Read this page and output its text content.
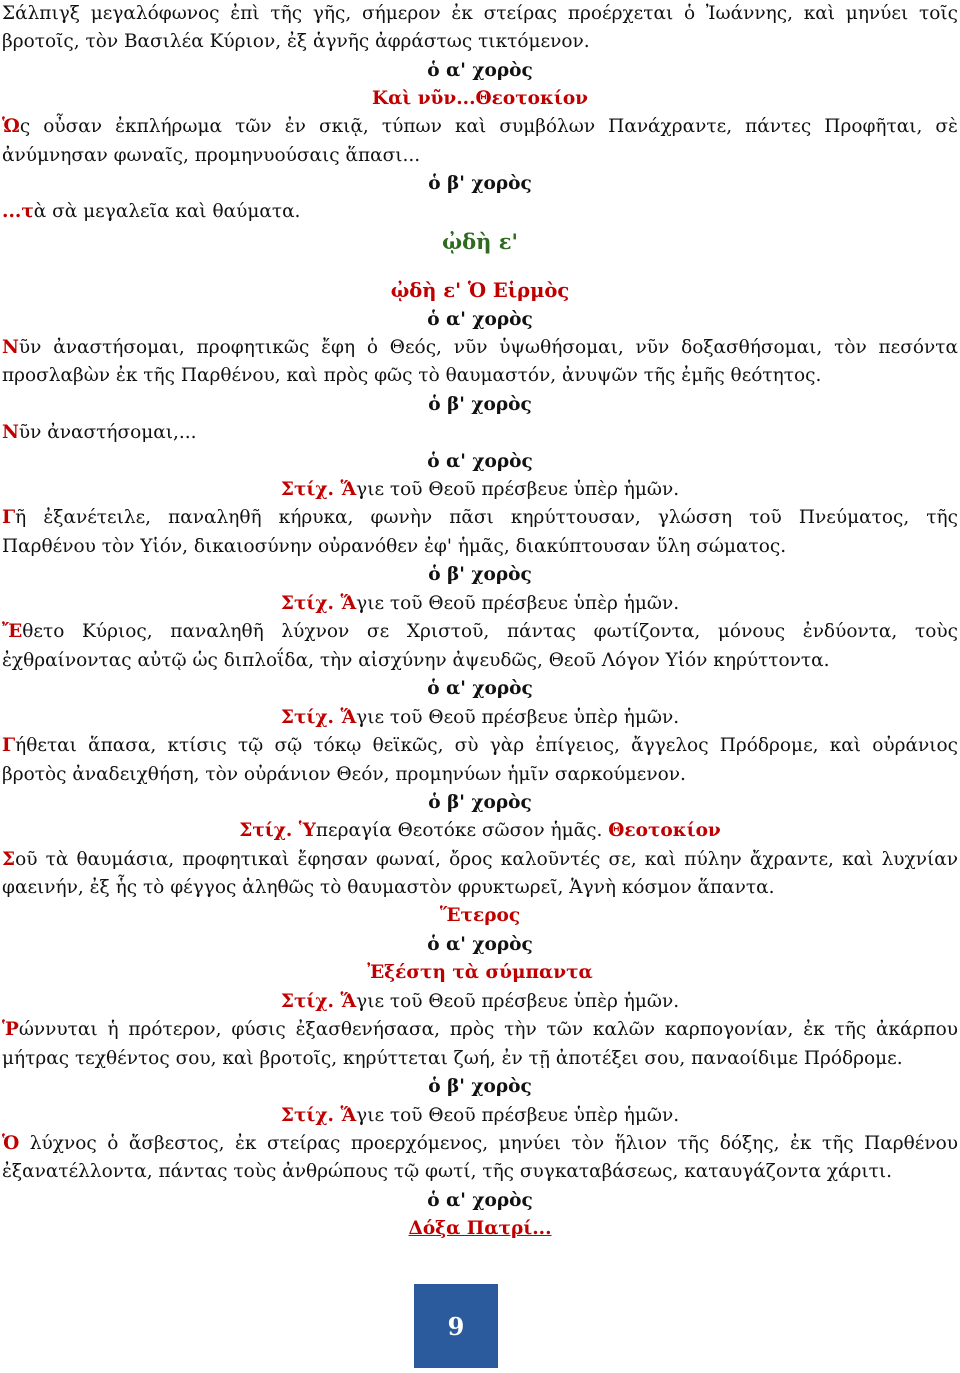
Σάλπιγξ μεγαλόφωνος ἐπὶ τῆς γῆς, σήμερον ἐκ στείρας προέρχεται ὁ Ἰωάννης, καὶ μηνύει τοῖς
βροτοῖς, τὸν Βασιλέα Κύριον, ἐξ ἁγνῆς ἀφράστως τικτόμενον.
ὁ α' χορὸς
Καὶ νῦν...Θεοτοκίον
Ὡς οὖσαν ἐκπλήρωμα τῶν ἐν σκιᾷ, τύπων καὶ συμβόλων Πανάχραντε, πάντες Προφῆται, σὲ
ἀνύμνησαν φωναῖς, προμηνυούσαις ἅπασι...
ὁ β' χορὸς
...τὰ σὰ μεγαλεῖα καὶ θαύματα.
ᾠδὴ ε'
ᾠδὴ ε' Ὁ Εἱρμὸς
ὁ α' χορὸς
Νῦν ἀναστήσομαι, προφητικῶς ἔφη ὁ Θεός, νῦν ὑψωθήσομαι, νῦν δοξασθήσομαι, τὸν πεσόντα
προσλαβὼν ἐκ τῆς Παρθένου, καὶ πρὸς φῶς τὸ θαυμαστόν, ἀνυψῶν τῆς ἐμῆς θεότητος.
ὁ β' χορὸς
Νῦν ἀναστήσομαι,...
ὁ α' χορὸς
Στίχ. Ἅγιε τοῦ Θεοῦ πρέσβευε ὑπὲρ ἡμῶν.
Γῆ ἐξανέτειλε, παναληθῆ κήρυκα, φωνὴν πᾶσι κηρύττουσαν, γλώσση τοῦ Πνεύματος, τῆς
Παρθένου τὸν Υἱόν, δικαιοσύνην οὐρανόθεν ἐφ' ἡμᾶς, διακύπτουσαν ὕλη σώματος.
ὁ β' χορὸς
Στίχ. Ἅγιε τοῦ Θεοῦ πρέσβευε ὑπὲρ ἡμῶν.
Ἔθετο Κύριος, παναληθῆ λύχνον σε Χριστοῦ, πάντας φωτίζοντα, μόνους ἐνδύοντα, τοὺς
ἐχθραίνοντας αὐτῷ ὡς διπλοΐδα, τὴν αἰσχύνην ἀψευδῶς, Θεοῦ Λόγον Υἱόν κηρύττοντα.
ὁ α' χορὸς
Στίχ. Ἅγιε τοῦ Θεοῦ πρέσβευε ὑπὲρ ἡμῶν.
Γήθεται ἅπασα, κτίσις τῷ σῷ τόκῳ θεϊκῶς, σὺ γὰρ ἐπίγειος, ἄγγελος Πρόδρομε, καὶ οὐράνιος
βροτὸς ἀναδειχθήση, τὸν οὐράνιον Θεόν, προμηνύων ἡμῖν σαρκούμενον.
ὁ β' χορὸς
Στίχ. Ὑπεραγία Θεοτόκε σῶσον ἡμᾶς. Θεοτοκίον
Σοῦ τὰ θαυμάσια, προφητικαὶ ἔφησαν φωναί, ὄρος καλοῦντές σε, καὶ πύλην ἄχραντε, καὶ λυχνίαν
φαεινήν, ἐξ ἧς τὸ φέγγος ἀληθῶς τὸ θαυμαστὸν φρυκτωρεῖ, Ἁγνὴ κόσμον ἅπαντα.
Ἕτερος
ὁ α' χορὸς
Ἐξέστη τὰ σύμπαντα
Στίχ. Ἅγιε τοῦ Θεοῦ πρέσβευε ὑπὲρ ἡμῶν.
Ῥώννυται ἡ πρότερον, φύσις ἐξασθενήσασα, πρὸς τὴν τῶν καλῶν καρπογονίαν, ἐκ τῆς ἀκάρπου
μήτρας τεχθέντος σου, καὶ βροτοῖς, κηρύττεται ζωή, ἐν τῇ ἀποτέξει σου, παναοίδιμε Πρόδρομε.
ὁ β' χορὸς
Στίχ. Ἅγιε τοῦ Θεοῦ πρέσβευε ὑπὲρ ἡμῶν.
Ὁ λύχνος ὁ ἄσβεστος, ἐκ στείρας προερχόμενος, μηνύει τὸν ἥλιον τῆς δόξης, ἐκ τῆς Παρθένου
ἐξανατέλλοντα, πάντας τοὺς ἀνθρώπους τῷ φωτί, τῆς συγκαταβάσεως, καταυγάζοντα χάριτι.
ὁ α' χορὸς
Δόξα Πατρί...
9
